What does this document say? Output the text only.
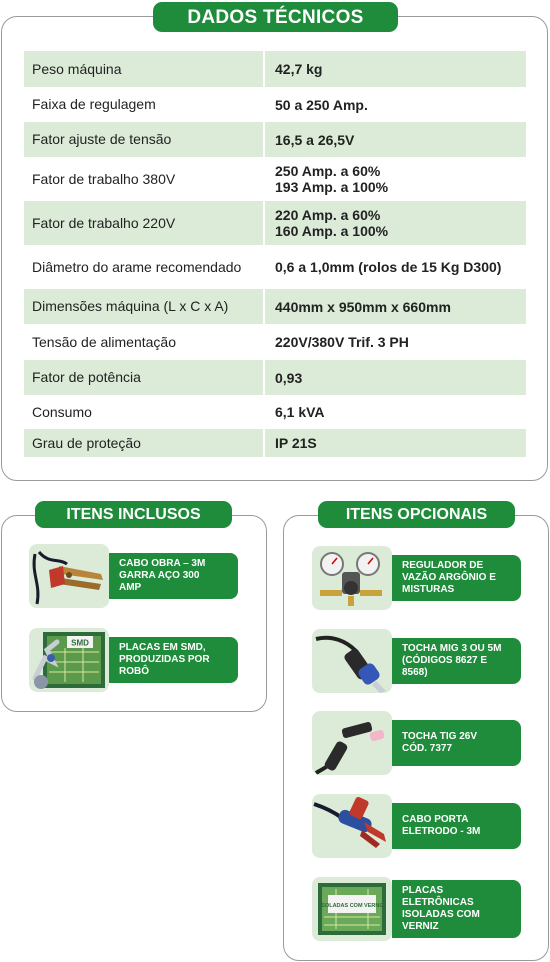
DADOS TÉCNICOS
Peso máquina	42,7 kg
Faixa de regulagem	50 a 250 Amp.
Fator ajuste de tensão	16,5 a 26,5V
Fator de trabalho 380V	250 Amp. a 60%
193 Amp. a 100%
Fator de trabalho 220V	220 Amp. a 60%
160 Amp. a 100%
Diâmetro do arame recomendado	0,6 a 1,0mm (rolos de 15 Kg D300)
Dimensões máquina (L x C x A)	440mm x 950mm x 660mm
Tensão de alimentação	220V/380V Trif. 3 PH
Fator de potência	0,93
Consumo	6,1 kVA
Grau de proteção	IP 21S
ITENS INCLUSOS
CABO OBRA – 3M
GARRA AÇO 300
AMP
SMD	PLACAS EM SMD,
PRODUZIDAS POR
ROBÔ
ITENS OPCIONAIS
REGULADOR DE
VAZÃO ARGÔNIO E
MISTURAS
TOCHA MIG 3 OU 5M
(CÓDIGOS 8627 E
8568)
TOCHA TIG 26V
CÓD. 7377
CABO PORTA
ELETRODO - 3M
ISOLADAS COM VERNIZ
PLACAS
ELETRÔNICAS
ISOLADAS COM
VERNIZ
